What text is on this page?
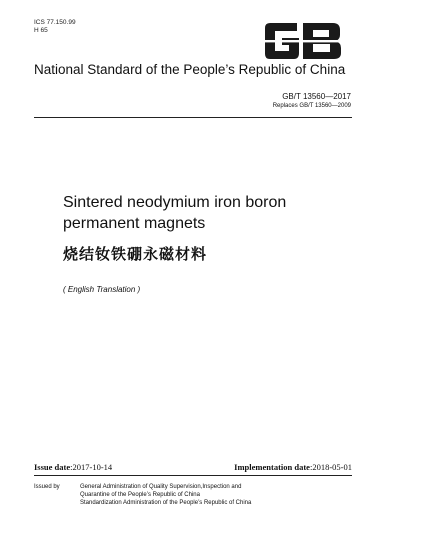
ICS 77.150.99
H 65
National Standard of the People’s Republic of China
GB/T 13560—2017
Replaces GB/T 13560—2009
Sintered neodymium iron boron
permanent magnets
烧结钕铁硼永磁材料
( English Translation )
Issue date:2017-10-14	Implementation date:2018-05-01
Issued by	General Administration of Quality Supervision,Inspection and
Quarantine of the People’s Republic of China
Standardization Administration of the People’s Republic of China
